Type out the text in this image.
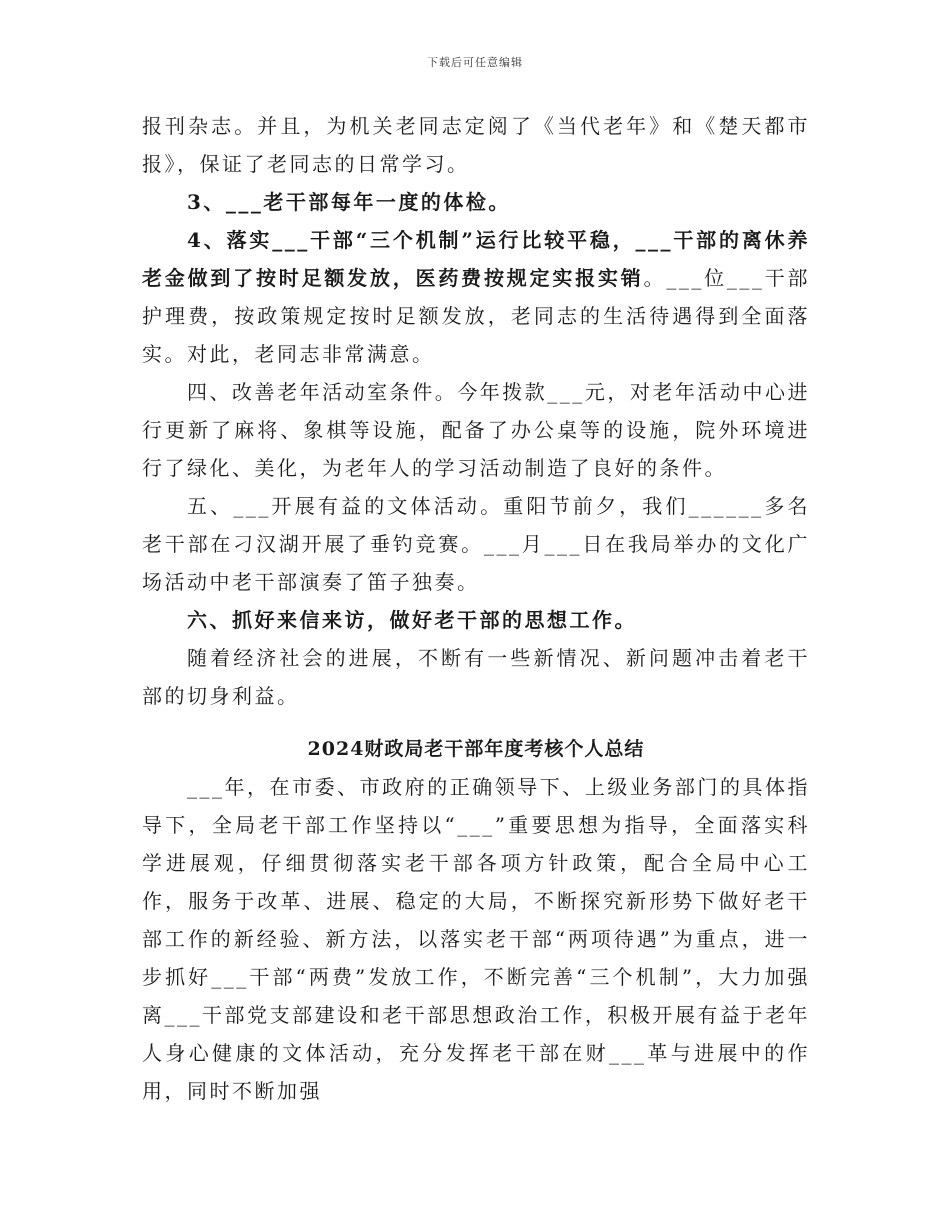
下载后可任意编辑

报刊杂志。并且，为机关老同志定阅了《当代老年》和《楚天都市报》，保证了老同志的日常学习。

3、___老干部每年一度的体检。

4、落实___干部“三个机制”运行比较平稳，___干部的离休养老金做到了按时足额发放，医药费按规定实报实销。___位___干部护理费，按政策规定按时足额发放，老同志的生活待遇得到全面落实。对此，老同志非常满意。

四、改善老年活动室条件。今年拨款___元，对老年活动中心进行更新了麻将、象棋等设施，配备了办公桌等的设施，院外环境进行了绿化、美化，为老年人的学习活动制造了良好的条件。

五、___开展有益的文体活动。重阳节前夕，我们______多名老干部在刁汉湖开展了垂钓竞赛。___月___日在我局举办的文化广场活动中老干部演奏了笛子独奏。

六、抓好来信来访，做好老干部的思想工作。

随着经济社会的进展，不断有一些新情况、新问题冲击着老干部的切身利益。

2024财政局老干部年度考核个人总结

___年，在市委、市政府的正确领导下、上级业务部门的具体指导下，全局老干部工作坚持以“___”重要思想为指导，全面落实科学进展观，仔细贯彻落实老干部各项方针政策，配合全局中心工作，服务于改革、进展、稳定的大局，不断探究新形势下做好老干部工作的新经验、新方法，以落实老干部“两项待遇”为重点，进一步抓好___干部“两费”发放工作，不断完善“三个机制”，大力加强离___干部党支部建设和老干部思想政治工作，积极开展有益于老年人身心健康的文体活动，充分发挥老干部在财___革与进展中的作用，同时不断加强
